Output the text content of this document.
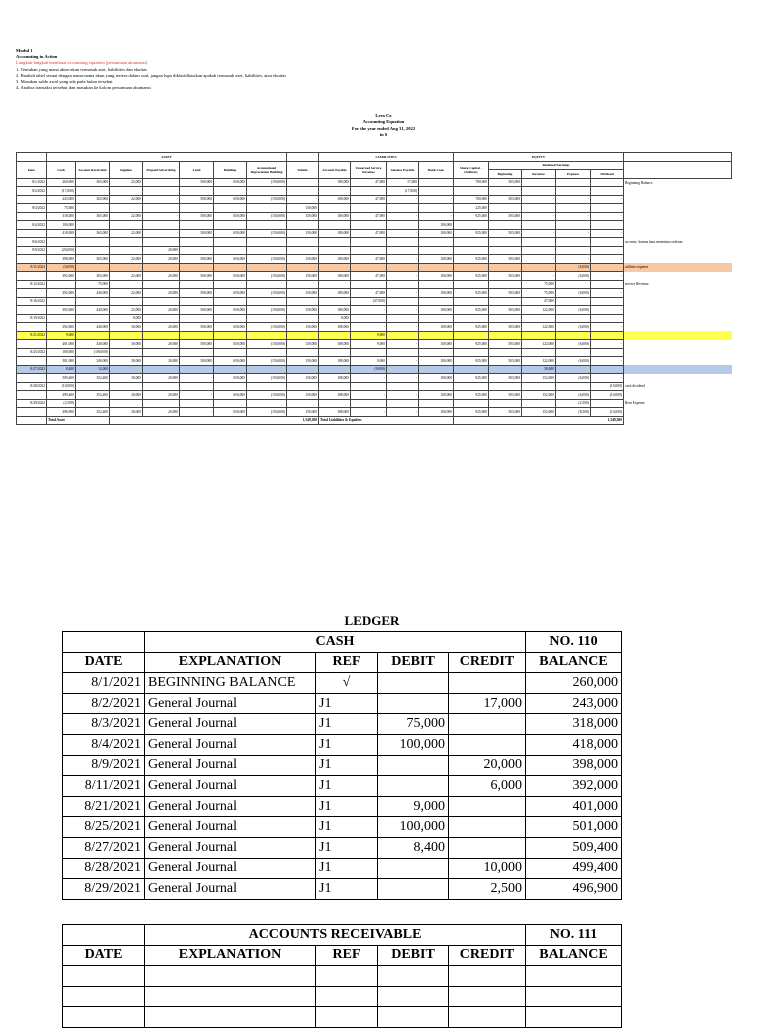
Modul 1
Accounting in Action
Langkah-langkah membuat accounting equation (persamaan akuntansi)
1. Tentukan yang mana akun-akun termasuk aset, liabilities dan ekuitas
2. Buatlah tabel sesuai dengan nama-nama akun yang tertera dalam soal, jangan lupa diklasifikasikan apakah termasuk aset, liabilities, atau ekuitas
3. Masukan saldo awal yang ada pada bulan tersebut
4. Analisa transaksi tersebut dan masukan ke kolom persamaan akuntansi
Lera Co
Accounting Equation
For the year ended Aug 31, 2022
in $
	ASSET								LIABILITIES				EQUITY					
Date	Cash	Account Receivable	Supplies	Prepaid Advertising	Land	Building	Accumulated Depreciation Building	Vehicle	Account Payable	Unearned Service Revenue	Salaries Payable	Bank Loan	Share Capital - Ordinary	Retained Earnings				
														Beginning	Revenue	Expense	Dividend	
8/1/2022	260,000	365,000	22,000		500,000	650,000	(150,000)		180,000	47,000	17,000		700,000	503,000				Beginning Balance
8/2/2022	(17,000)										(17,000)							
	243,000	365,000	22,000	-	500,000	650,000	(150,000)	-	180,000	47,000	-	-	700,000	503,000	-	-	-	
8/3/2022	75,000							150,000					225,000					
	318,000	365,000	22,000	-	500,000	650,000	(150,000)	150,000	180,000	47,000	-	-	925,000	503,000	-	-	-	
8/4/2022	100,000											100,000						
	418,000	365,000	22,000	-	500,000	650,000	(150,000)	150,000	180,000	47,000	-	100,000	925,000	503,000	-	-	-	
8/6/2022																		no entry. karena baru menerima orderan
8/9/2022	(20,000)			20,000														
	398,000	365,000	22,000	20,000	500,000	650,000	(150,000)	150,000	180,000	47,000	-	100,000	925,000	503,000	-	-	-	
8/11/2022	(6,000)															(6,000)		utilities expense
	392,000	365,000	22,000	20,000	500,000	650,000	(150,000)	150,000	180,000	47,000	-	100,000	925,000	503,000	-	(6,000)	-	
8/12/2022		75,000													75,000			service Revenue
	392,000	440,000	22,000	20,000	500,000	650,000	(150,000)	150,000	180,000	47,000	-	100,000	925,000	503,000	75,000	(6,000)	-	
8/16/2022										(47,000)					47,000			
	392,000	440,000	22,000	20,000	500,000	650,000	(150,000)	150,000	180,000	-	-	100,000	925,000	503,000	122,000	(6,000)	-	
8/19/2022			8,000						8,000									
	392,000	440,000	30,000	20,000	500,000	650,000	(150,000)	150,000	188,000	-	-	100,000	925,000	503,000	122,000	(6,000)	-	
8/21/2022	9,000									9,000								
	401,000	440,000	30,000	20,000	500,000	650,000	(150,000)	150,000	188,000	9,000	-	100,000	925,000	503,000	122,000	(6,000)	-	
8/25/2022	100,000	(100,000)																
	501,000	340,000	30,000	20,000	500,000	650,000	(150,000)	150,000	188,000	9,000	-	100,000	925,000	503,000	122,000	(6,000)	-	
8/27/2022	8,400	12,000								(9,000)					30,000			
	509,400	352,400	30,000	20,000	-	650,000	(150,000)	150,000	188,000	-	-	100,000	925,000	503,000	152,000	(6,000)	-	
8/28/2022	(10,000)																(10,000)	cash dividend
	499,400	352,400	30,000	20,000	-	650,000	(150,000)	150,000	188,000	-	-	100,000	925,000	503,000	152,000	(6,000)	(10,000)	
8/29/2022	(2,500)															(2,500)		Rent Expense
	496,900	352,400	30,000	20,000	-	650,000	(150,000)	150,000	188,000	-	-	100,000	925,000	503,000	152,000	(8,500)	(10,000)	
	Total Asset		1,549,300						Total Liabilities & Equities				1,549,300					
LEDGER
	CASH				NO. 110
DATE	EXPLANATION	REF	DEBIT	CREDIT	BALANCE
8/1/2021	BEGINNING BALANCE	√			260,000
8/2/2021	General Journal	J1		17,000	243,000
8/3/2021	General Journal	J1	75,000		318,000
8/4/2021	General Journal	J1	100,000		418,000
8/9/2021	General Journal	J1		20,000	398,000
8/11/2021	General Journal	J1		6,000	392,000
8/21/2021	General Journal	J1	9,000		401,000
8/25/2021	General Journal	J1	100,000		501,000
8/27/2021	General Journal	J1	8,400		509,400
8/28/2021	General Journal	J1		10,000	499,400
8/29/2021	General Journal	J1		2,500	496,900
	ACCOUNTS RECEIVABLE				NO. 111
DATE	EXPLANATION	REF	DEBIT	CREDIT	BALANCE
